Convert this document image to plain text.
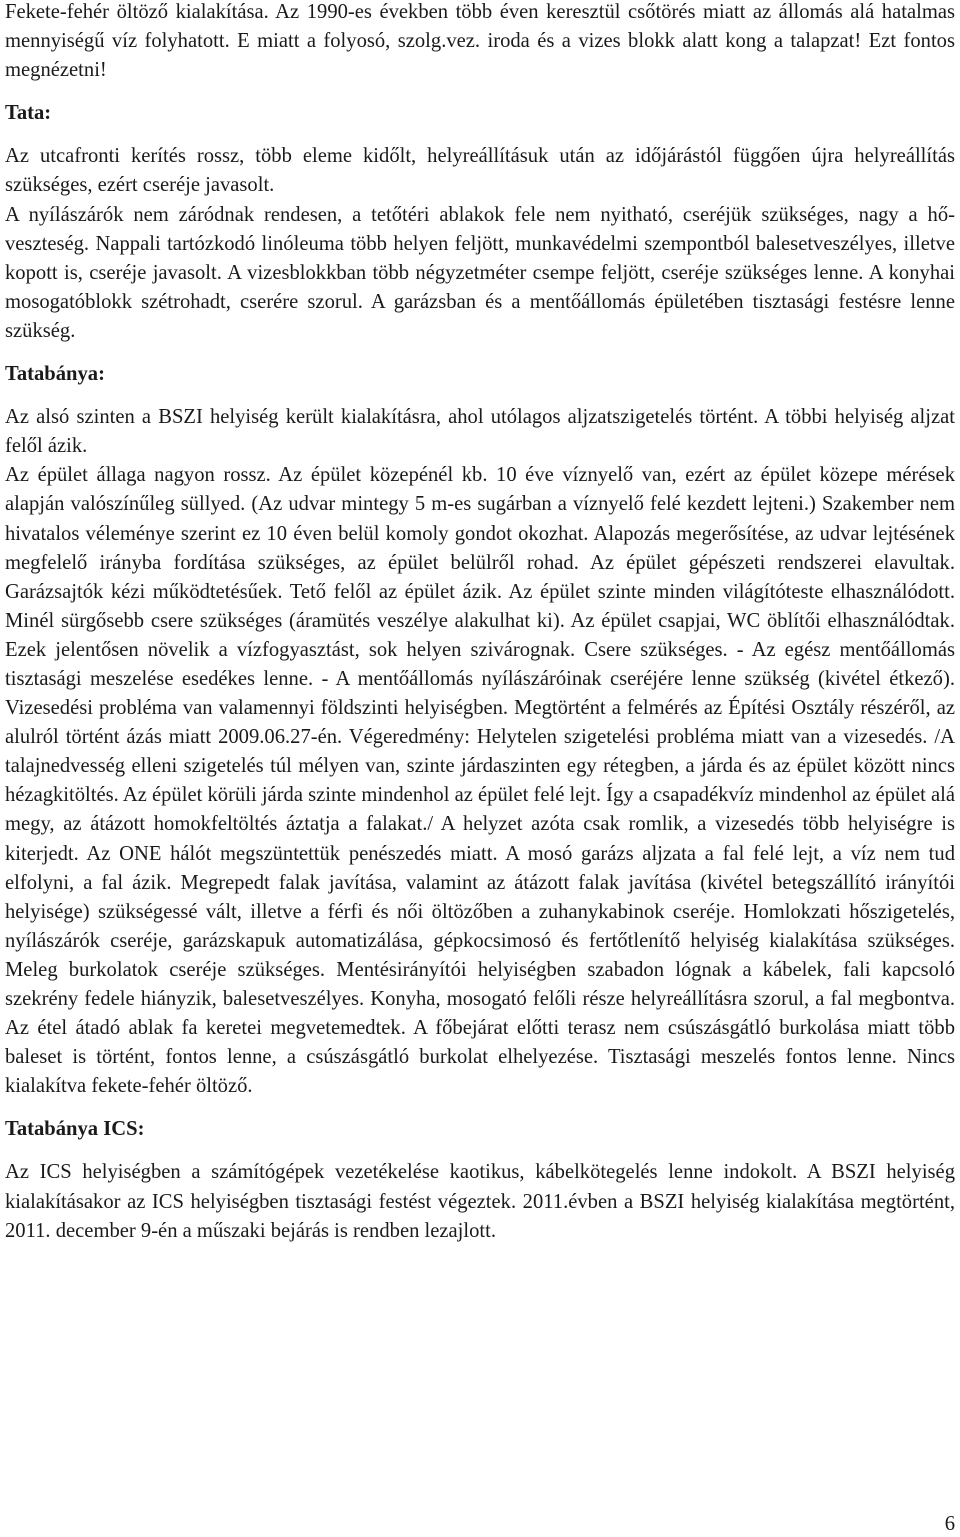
Fekete-fehér öltöző kialakítása. Az 1990-es években több éven keresztül csőtörés miatt az állomás alá hatalmas mennyiségű víz folyhatott. E miatt a folyosó, szolg.vez. iroda és a vizes blokk alatt kong a talapzat! Ezt fontos megnézetni!

Tata:

Az utcafronti kerítés rossz, több eleme kidőlt, helyreállításuk után az időjárástól függően újra helyreállítás szükséges, ezért cseréje javasolt.

A nyílászárók nem záródnak rendesen, a tetőtéri ablakok fele nem nyitható, cseréjük szükséges, nagy a hő-veszteség. Nappali tartózkodó linóleuma több helyen feljött, munkavédelmi szempontból balesetveszélyes, illetve kopott is, cseréje javasolt. A vizesblokkban több négyzetméter csempe feljött, cseréje szükséges lenne. A konyhai mosogatóblokk szétrohadt, cserére szorul. A garázsban és a mentőállomás épületében tisztasági festésre lenne szükség.

Tatabánya:

Az alsó szinten a BSZI helyiség került kialakításra, ahol utólagos aljzatszigetelés történt. A többi helyiség aljzat felől ázik.

Az épület állaga nagyon rossz. Az épület közepénél kb. 10 éve víznyelő van, ezért az épület közepe mérések alapján valószínűleg süllyed. (Az udvar mintegy 5 m-es sugárban a víznyelő felé kezdett lejteni.) Szakember nem hivatalos véleménye szerint ez 10 éven belül komoly gondot okozhat. Alapozás megerősítése, az udvar lejtésének megfelelő irányba fordítása szükséges, az épület belülről rohad. Az épület gépészeti rendszerei elavultak. Garázsajtók kézi működtetésűek. Tető felől az épület ázik. Az épület szinte minden világítóteste elhasználódott. Minél sürgősebb csere szükséges (áramütés veszélye alakulhat ki). Az épület csapjai, WC öblítői elhasználódtak. Ezek jelentősen növelik a vízfogyasztást, sok helyen szivárognak. Csere szükséges. - Az egész mentőállomás tisztasági meszelése esedékes lenne. - A mentőállomás nyílászáróinak cseréjére lenne szükség (kivétel étkező). Vizesedési probléma van valamennyi földszinti helyiségben. Megtörtént a felmérés az Építési Osztály részéről, az alulról történt ázás miatt 2009.06.27-én. Végeredmény: Helytelen szigetelési probléma miatt van a vizesedés. /A talajnedvesség elleni szigetelés túl mélyen van, szinte járdaszinten egy rétegben, a járda és az épület között nincs hézagkitöltés. Az épület körüli járda szinte mindenhol az épület felé lejt. Így a csapadékvíz mindenhol az épület alá megy, az átázott homokfeltöltés áztatja a falakat./ A helyzet azóta csak romlik, a vizesedés több helyiségre is kiterjedt. Az ONE hálót megszüntettük penészedés miatt. A mosó garázs aljzata a fal felé lejt, a víz nem tud elfolyni, a fal ázik. Megrepedt falak javítása, valamint az átázott falak javítása (kivétel betegszállító irányítói helyisége) szükségessé vált, illetve a férfi és női öltözőben a zuhanykabinok cseréje. Homlokzati hőszigetelés, nyílászárók cseréje, garázskapuk automatizálása, gépkocsimosó és fertőtlenítő helyiség kialakítása szükséges. Meleg burkolatok cseréje szükséges. Mentésirányítói helyiségben szabadon lógnak a kábelek, fali kapcsoló szekrény fedele hiányzik, balesetveszélyes. Konyha, mosogató felőli része helyreállításra szorul, a fal megbontva. Az étel átadó ablak fa keretei megvetemedtek. A főbejárat előtti terasz nem csúszásgátló burkolása miatt több baleset is történt, fontos lenne, a csúszásgátló burkolat elhelyezése. Tisztasági meszelés fontos lenne. Nincs kialakítva fekete-fehér öltöző.

Tatabánya ICS:

Az ICS helyiségben a számítógépek vezetékelése kaotikus, kábelkötegelés lenne indokolt. A BSZI helyiség kialakításakor az ICS helyiségben tisztasági festést végeztek. 2011.évben a BSZI helyiség kialakítása megtörtént, 2011. december 9-én a műszaki bejárás is rendben lezajlott.

6
